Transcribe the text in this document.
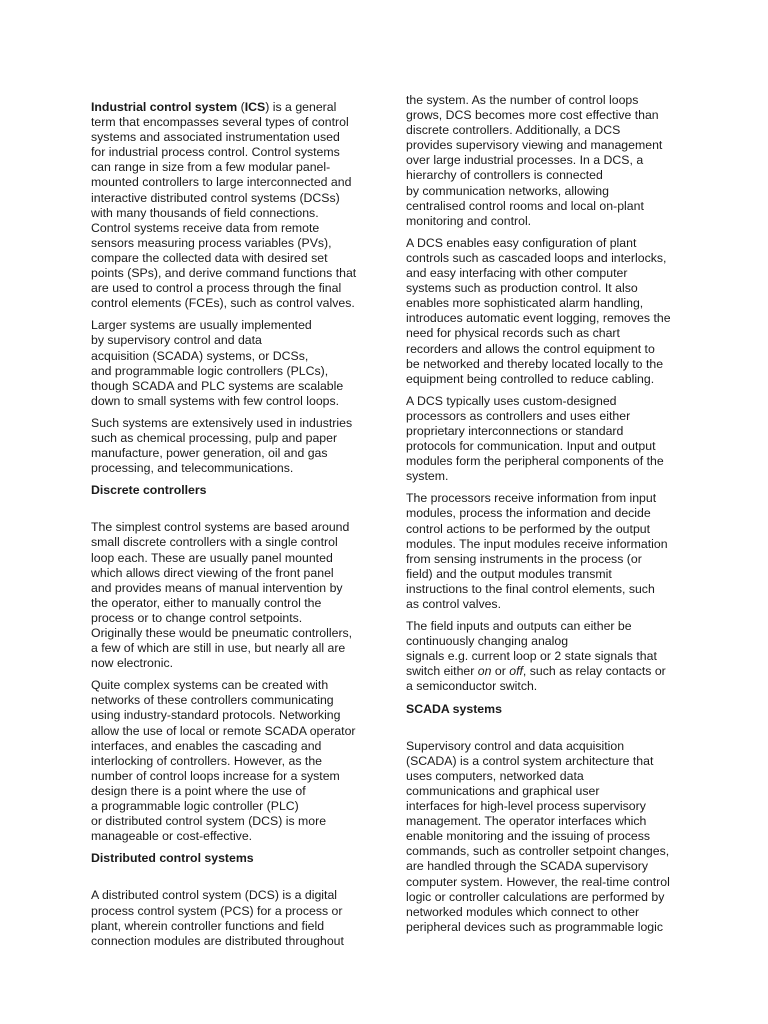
Industrial control system (ICS) is a general
term that encompasses several types of control
systems and associated instrumentation used
for industrial process control. Control systems
can range in size from a few modular panel-
mounted controllers to large interconnected and
interactive distributed control systems (DCSs)
with many thousands of field connections.
Control systems receive data from remote
sensors measuring process variables (PVs),
compare the collected data with desired set
points (SPs), and derive command functions that
are used to control a process through the final
control elements (FCEs), such as control valves.

Larger systems are usually implemented
by supervisory control and data
acquisition (SCADA) systems, or DCSs,
and programmable logic controllers (PLCs),
though SCADA and PLC systems are scalable
down to small systems with few control loops.

Such systems are extensively used in industries
such as chemical processing, pulp and paper
manufacture, power generation, oil and gas
processing, and telecommunications.

Discrete controllers

The simplest control systems are based around
small discrete controllers with a single control
loop each. These are usually panel mounted
which allows direct viewing of the front panel
and provides means of manual intervention by
the operator, either to manually control the
process or to change control setpoints.
Originally these would be pneumatic controllers,
a few of which are still in use, but nearly all are
now electronic.

Quite complex systems can be created with
networks of these controllers communicating
using industry-standard protocols. Networking
allow the use of local or remote SCADA operator
interfaces, and enables the cascading and
interlocking of controllers. However, as the
number of control loops increase for a system
design there is a point where the use of
a programmable logic controller (PLC)
or distributed control system (DCS) is more
manageable or cost-effective.

Distributed control systems

A distributed control system (DCS) is a digital
process control system (PCS) for a process or
plant, wherein controller functions and field
connection modules are distributed throughout

the system. As the number of control loops
grows, DCS becomes more cost effective than
discrete controllers. Additionally, a DCS
provides supervisory viewing and management
over large industrial processes. In a DCS, a
hierarchy of controllers is connected
by communication networks, allowing
centralised control rooms and local on-plant
monitoring and control.

A DCS enables easy configuration of plant
controls such as cascaded loops and interlocks,
and easy interfacing with other computer
systems such as production control. It also
enables more sophisticated alarm handling,
introduces automatic event logging, removes the
need for physical records such as chart
recorders and allows the control equipment to
be networked and thereby located locally to the
equipment being controlled to reduce cabling.

A DCS typically uses custom-designed
processors as controllers and uses either
proprietary interconnections or standard
protocols for communication. Input and output
modules form the peripheral components of the
system.

The processors receive information from input
modules, process the information and decide
control actions to be performed by the output
modules. The input modules receive information
from sensing instruments in the process (or
field) and the output modules transmit
instructions to the final control elements, such
as control valves.

The field inputs and outputs can either be
continuously changing analog
signals e.g. current loop or 2 state signals that
switch either on or off, such as relay contacts or
a semiconductor switch.

SCADA systems

Supervisory control and data acquisition
(SCADA) is a control system architecture that
uses computers, networked data
communications and graphical user
interfaces for high-level process supervisory
management. The operator interfaces which
enable monitoring and the issuing of process
commands, such as controller setpoint changes,
are handled through the SCADA supervisory
computer system. However, the real-time control
logic or controller calculations are performed by
networked modules which connect to other
peripheral devices such as programmable logic
